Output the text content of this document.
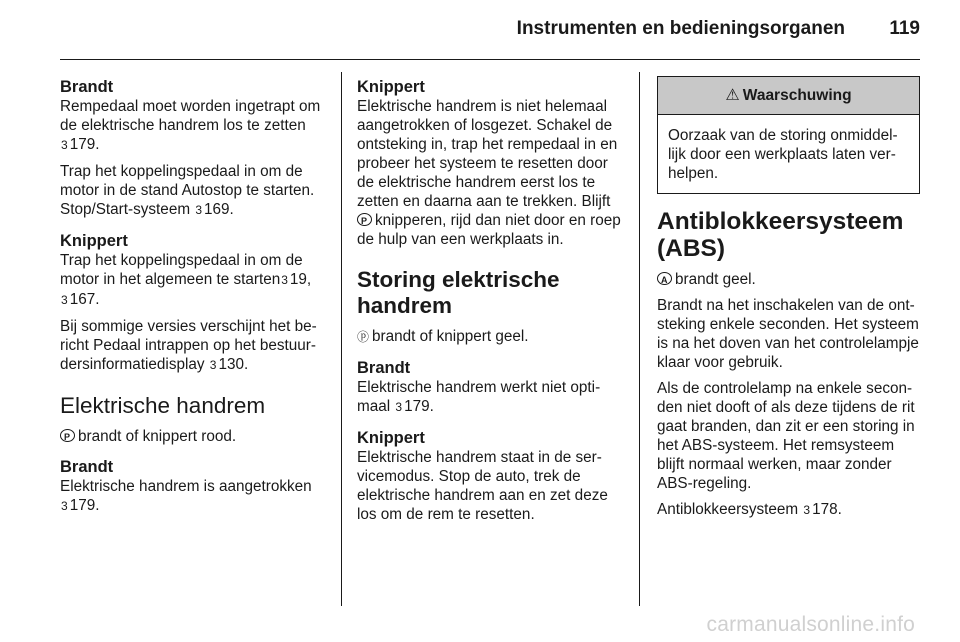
Instrumenten en bedieningsorganen 119

Brandt

Rempedaal moet worden ingetrapt om de elektrische handrem los te zetten 3 179.

Trap het koppelingspedaal in om de motor in de stand Autostop te starten. Stop/Start-systeem 3 169.

Knippert

Trap het koppelingspedaal in om de motor in het algemeen te starten3 19, 3 167.

Bij sommige versies verschijnt het bericht Pedaal intrappen op het bestuurdersinformatiedisplay 3 130.

Elektrische handrem

Pbrandt of knippert rood.

Brandt

Elektrische handrem is aangetrokken 3 179.

Knippert

Elektrische handrem is niet helemaal aangetrokken of losgezet. Schakel de ontsteking in, trap het rempedaal in en probeer het systeem te resetten door de elektrische handrem eerst los te zetten en daarna aan te trekken. Blijft Pknipperen, rijd dan niet door en roep de hulp van een werkplaats in.

Storing elektrische handrem

ⓟ brandt of knippert geel.

Brandt

Elektrische handrem werkt niet optimaal 3 179.

Knippert

Elektrische handrem staat in de servicemodus. Stop de auto, trek de elektrische handrem aan en zet deze los om de rem te resetten.

⚠ Waarschuwing
Oorzaak van de storing onmiddellijk door een werkplaats laten verhelpen.

Antiblokkeersysteem (ABS)

Abrandt geel.

Brandt na het inschakelen van de ontsteking enkele seconden. Het systeem is na het doven van het controlelampje klaar voor gebruik.

Als de controlelamp na enkele seconden niet dooft of als deze tijdens de rit gaat branden, dan zit er een storing in het ABS-systeem. Het remsysteem blijft normaal werken, maar zonder ABS-regeling.

Antiblokkeersysteem 3 178.

carmanualsonline.info
